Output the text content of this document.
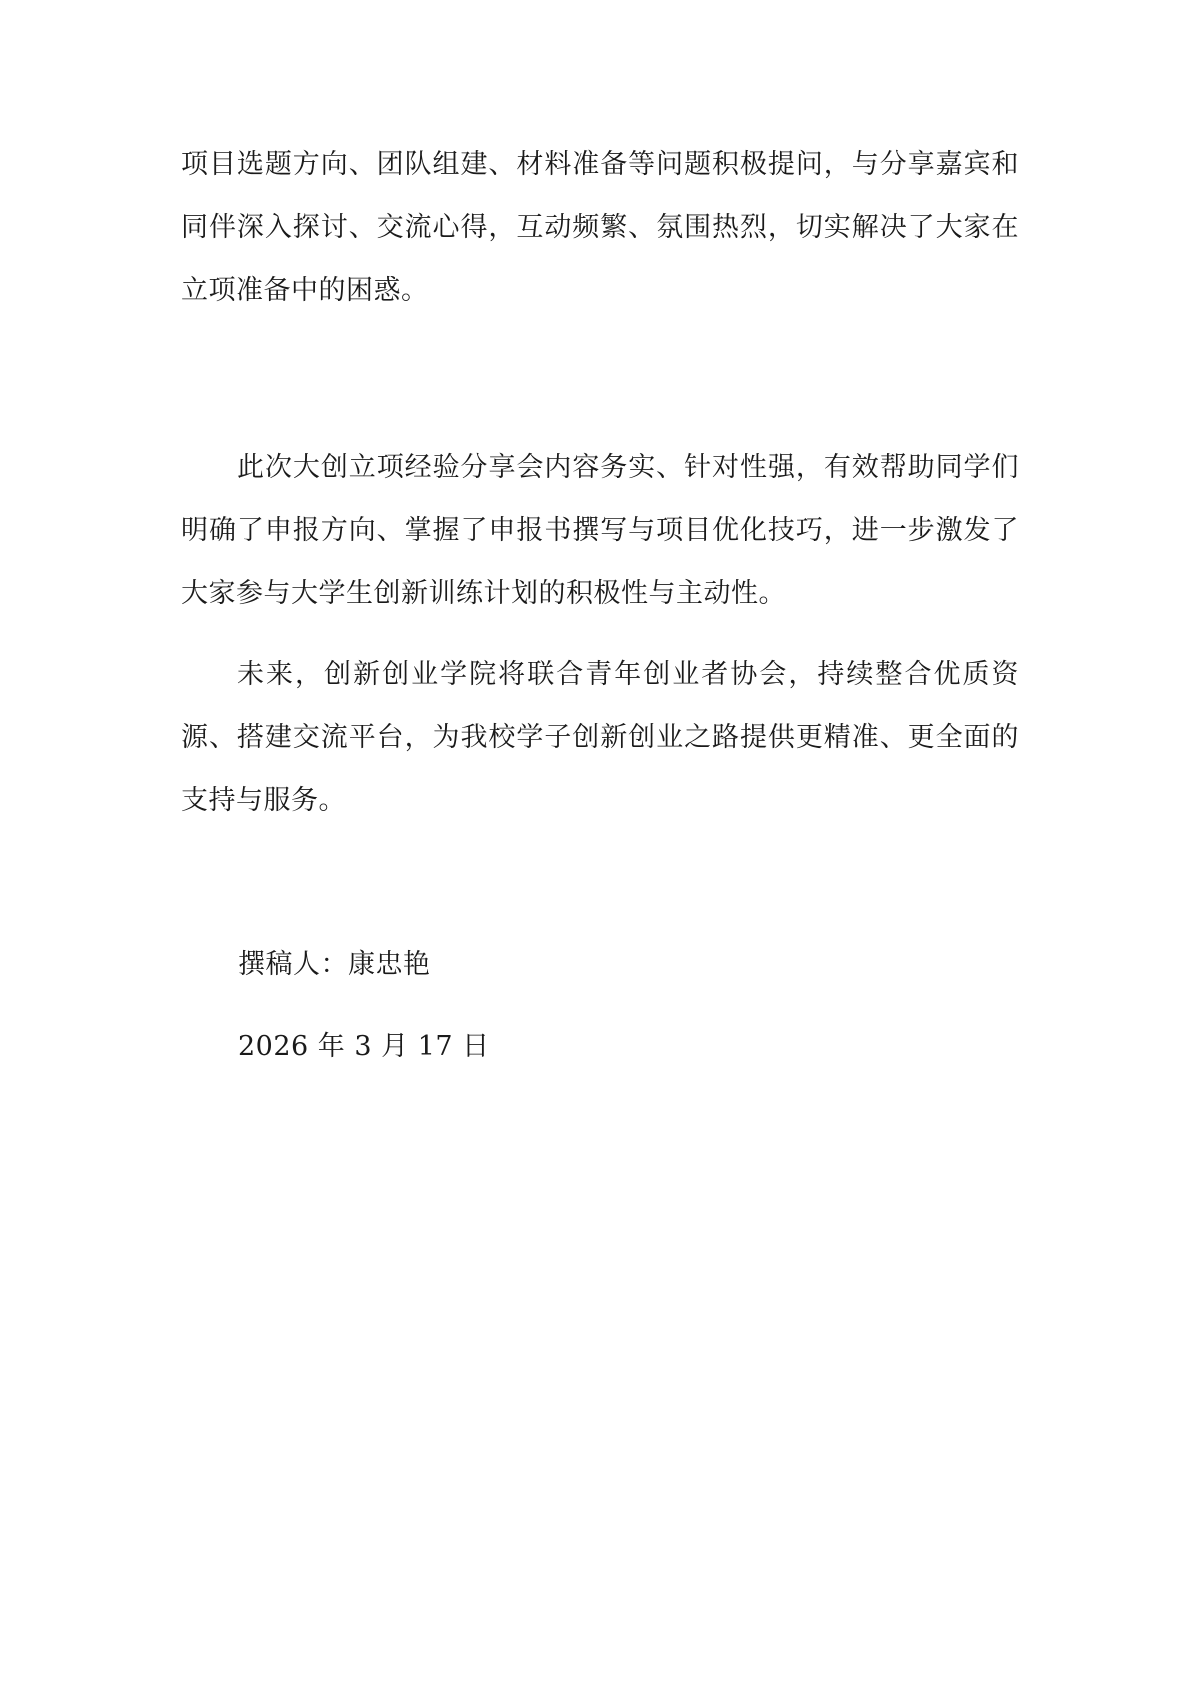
项目选题方向、团队组建、材料准备等问题积极提问，与分享嘉宾和同伴深入探讨、交流心得，互动频繁、氛围热烈，切实解决了大家在立项准备中的困惑。

此次大创立项经验分享会内容务实、针对性强，有效帮助同学们明确了申报方向、掌握了申报书撰写与项目优化技巧，进一步激发了大家参与大学生创新训练计划的积极性与主动性。

未来，创新创业学院将联合青年创业者协会，持续整合优质资源、搭建交流平台，为我校学子创新创业之路提供更精准、更全面的支持与服务。

撰稿人：康忠艳

2026 年 3 月 17 日
